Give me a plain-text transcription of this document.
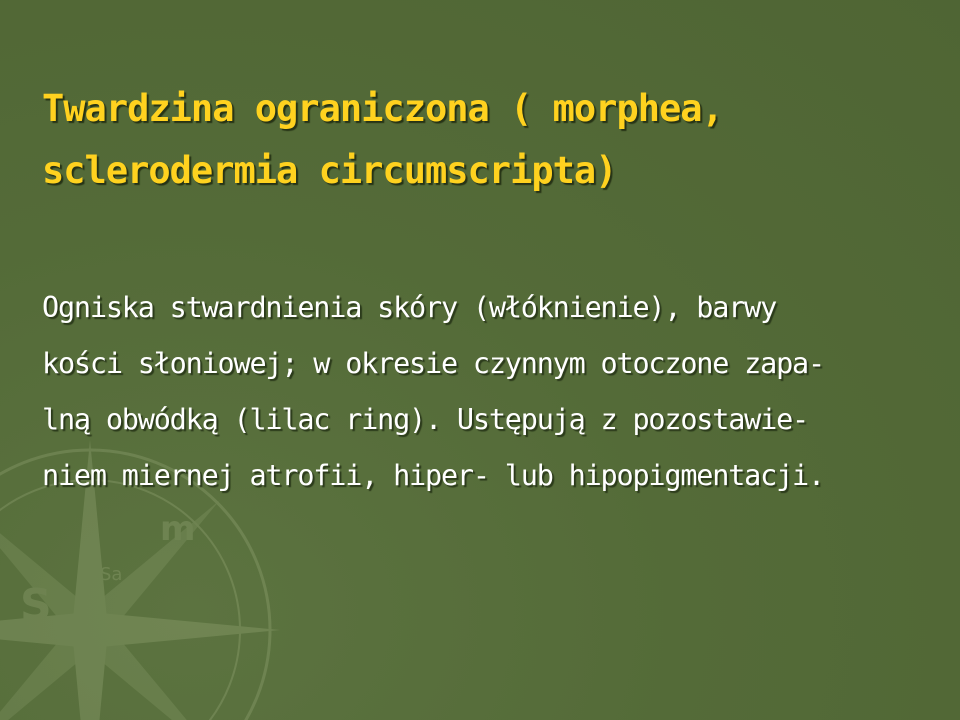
m
S
Sa
Twardzina ograniczona ( morphea,
sclerodermia circumscripta)
Ogniska stwardnienia skóry (włóknienie), barwy
kości słoniowej; w okresie czynnym otoczone zapa-
lną obwódką (lilac ring). Ustępują z pozostawie-
niem miernej atrofii, hiper- lub hipopigmentacji.
